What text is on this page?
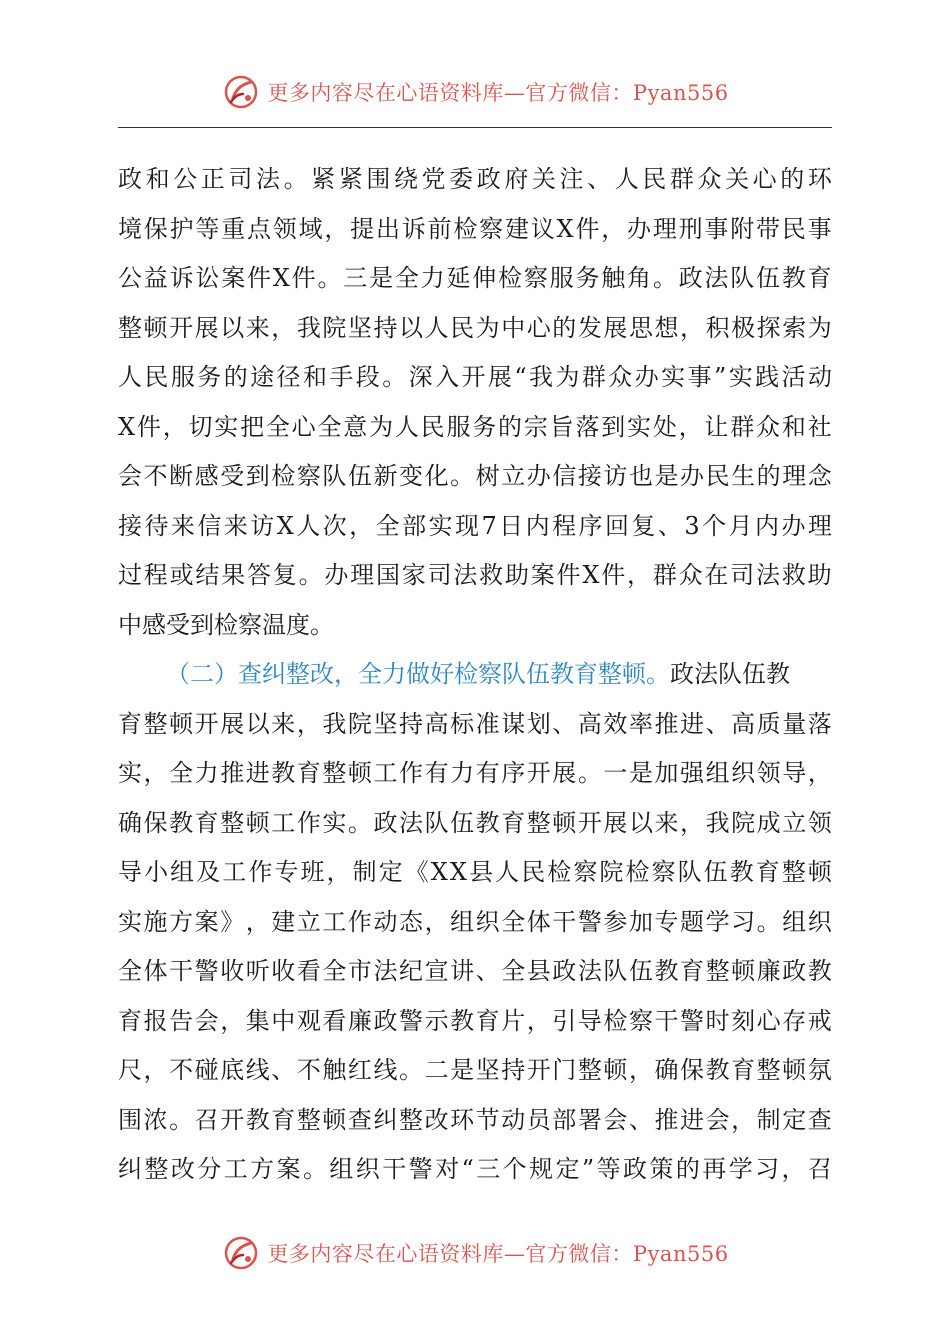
更多内容尽在心语资料库—官方微信：Pyan556
政 和 公 正 司 法 。 紧 紧 围 绕 党 委 政 府 关 注 、 人 民 群 众 关 心 的 环
境 保 护 等 重 点 领 域 ， 提 出 诉 前 检 察 建 议 X 件 ， 办 理 刑 事 附 带 民 事
公 益 诉 讼 案 件 X 件 。 三 是 全 力 延 伸 检 察 服 务 触 角 。 政 法 队 伍 教 育
整 顿 开 展 以 来 ， 我 院 坚 持 以 人 民 为 中 心 的 发 展 思 想 ， 积 极 探 索 为
人 民 服 务 的 途 径 和 手 段 。 深 入 开 展 “ 我 为 群 众 办 实 事 ” 实 践 活 动
X 件 ， 切 实 把 全 心 全 意 为 人 民 服 务 的 宗 旨 落 到 实 处 ， 让 群 众 和 社
会 不 断 感 受 到 检 察 队 伍 新 变 化 。 树 立 办 信 接 访 也 是 办 民 生 的 理 念
接 待 来 信 来 访 X 人 次 ， 全 部 实 现 7 日 内 程 序 回 复 、 3 个 月 内 办 理
过 程 或 结 果 答 复 。 办 理 国 家 司 法 救 助 案 件 X 件 ， 群 众 在 司 法 救 助
中感受到检察温度。
（二）查纠整改，全力做好检察队伍教育整顿。 政法队伍教
育 整 顿 开 展 以 来 ， 我 院 坚 持 高 标 准 谋 划 、 高 效 率 推 进 、 高 质 量 落
实 ， 全 力 推 进 教 育 整 顿 工 作 有 力 有 序 开 展 。 一 是 加 强 组 织 领 导 ，
确 保 教 育 整 顿 工 作 实 。 政 法 队 伍 教 育 整 顿 开 展 以 来 ， 我 院 成 立 领
导 小 组 及 工 作 专 班 ， 制 定 《 X X 县 人 民 检 察 院 检 察 队 伍 教 育 整 顿
实 施 方 案 》 ， 建 立 工 作 动 态 ， 组 织 全 体 干 警 参 加 专 题 学 习 。 组 织
全 体 干 警 收 听 收 看 全 市 法 纪 宣 讲 、 全 县 政 法 队 伍 教 育 整 顿 廉 政 教
育 报 告 会 ， 集 中 观 看 廉 政 警 示 教 育 片 ， 引 导 检 察 干 警 时 刻 心 存 戒
尺 ， 不 碰 底 线 、 不 触 红 线 。 二 是 坚 持 开 门 整 顿 ， 确 保 教 育 整 顿 氛
围 浓 。 召 开 教 育 整 顿 查 纠 整 改 环 节 动 员 部 署 会 、 推 进 会 ， 制 定 查
纠 整 改 分 工 方 案 。 组 织 干 警 对 “ 三 个 规 定 ” 等 政 策 的 再 学 习 ， 召
更多内容尽在心语资料库—官方微信：Pyan556
